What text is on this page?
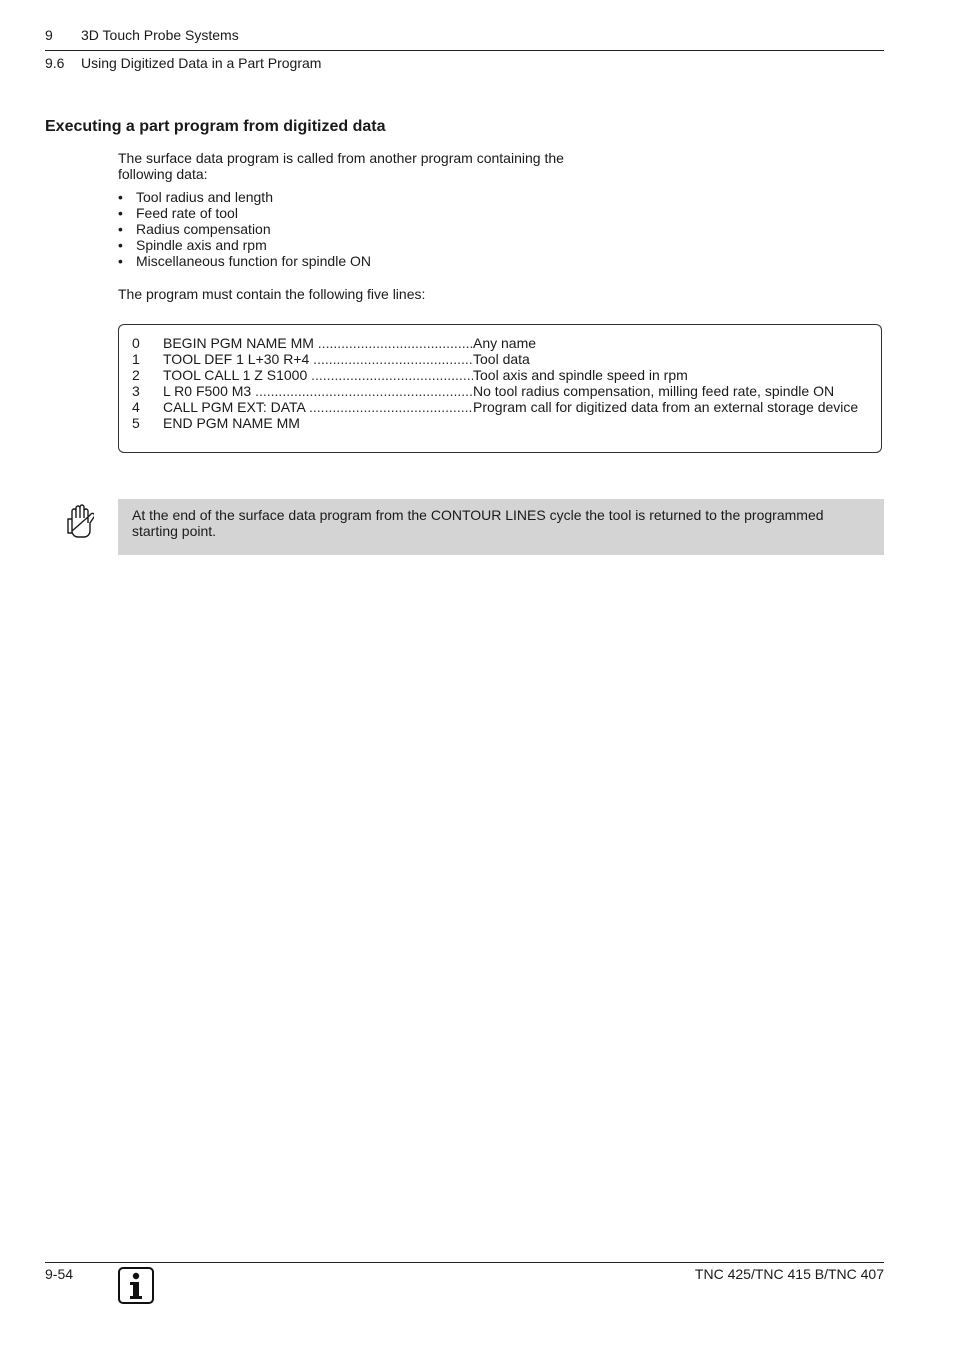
9 3D Touch Probe Systems
9.6 Using Digitized Data in a Part Program
Executing a part program from digitized data

The surface data program is called from another program containing the following data:

• Tool radius and length
• Feed rate of tool
• Radius compensation
• Spindle axis and rpm
• Miscellaneous function for spindle ON

The program must contain the following five lines:

0	BEGIN PGM NAME MM .....	Any name
1	TOOL DEF 1 L+30 R+4 .....	Tool data
2	TOOL CALL 1 Z S1000 .....	Tool axis and spindle speed in rpm
3	L R0 F500 M3 .....	No tool radius compensation, milling feed rate, spindle ON
4	CALL PGM EXT: DATA .....	Program call for digitized data from an external storage device
5	END PGM NAME MM
At the end of the surface data program from the CONTOUR LINES cycle the tool is returned to the programmed starting point.
9-54	TNC 425/TNC 415 B/TNC 407
